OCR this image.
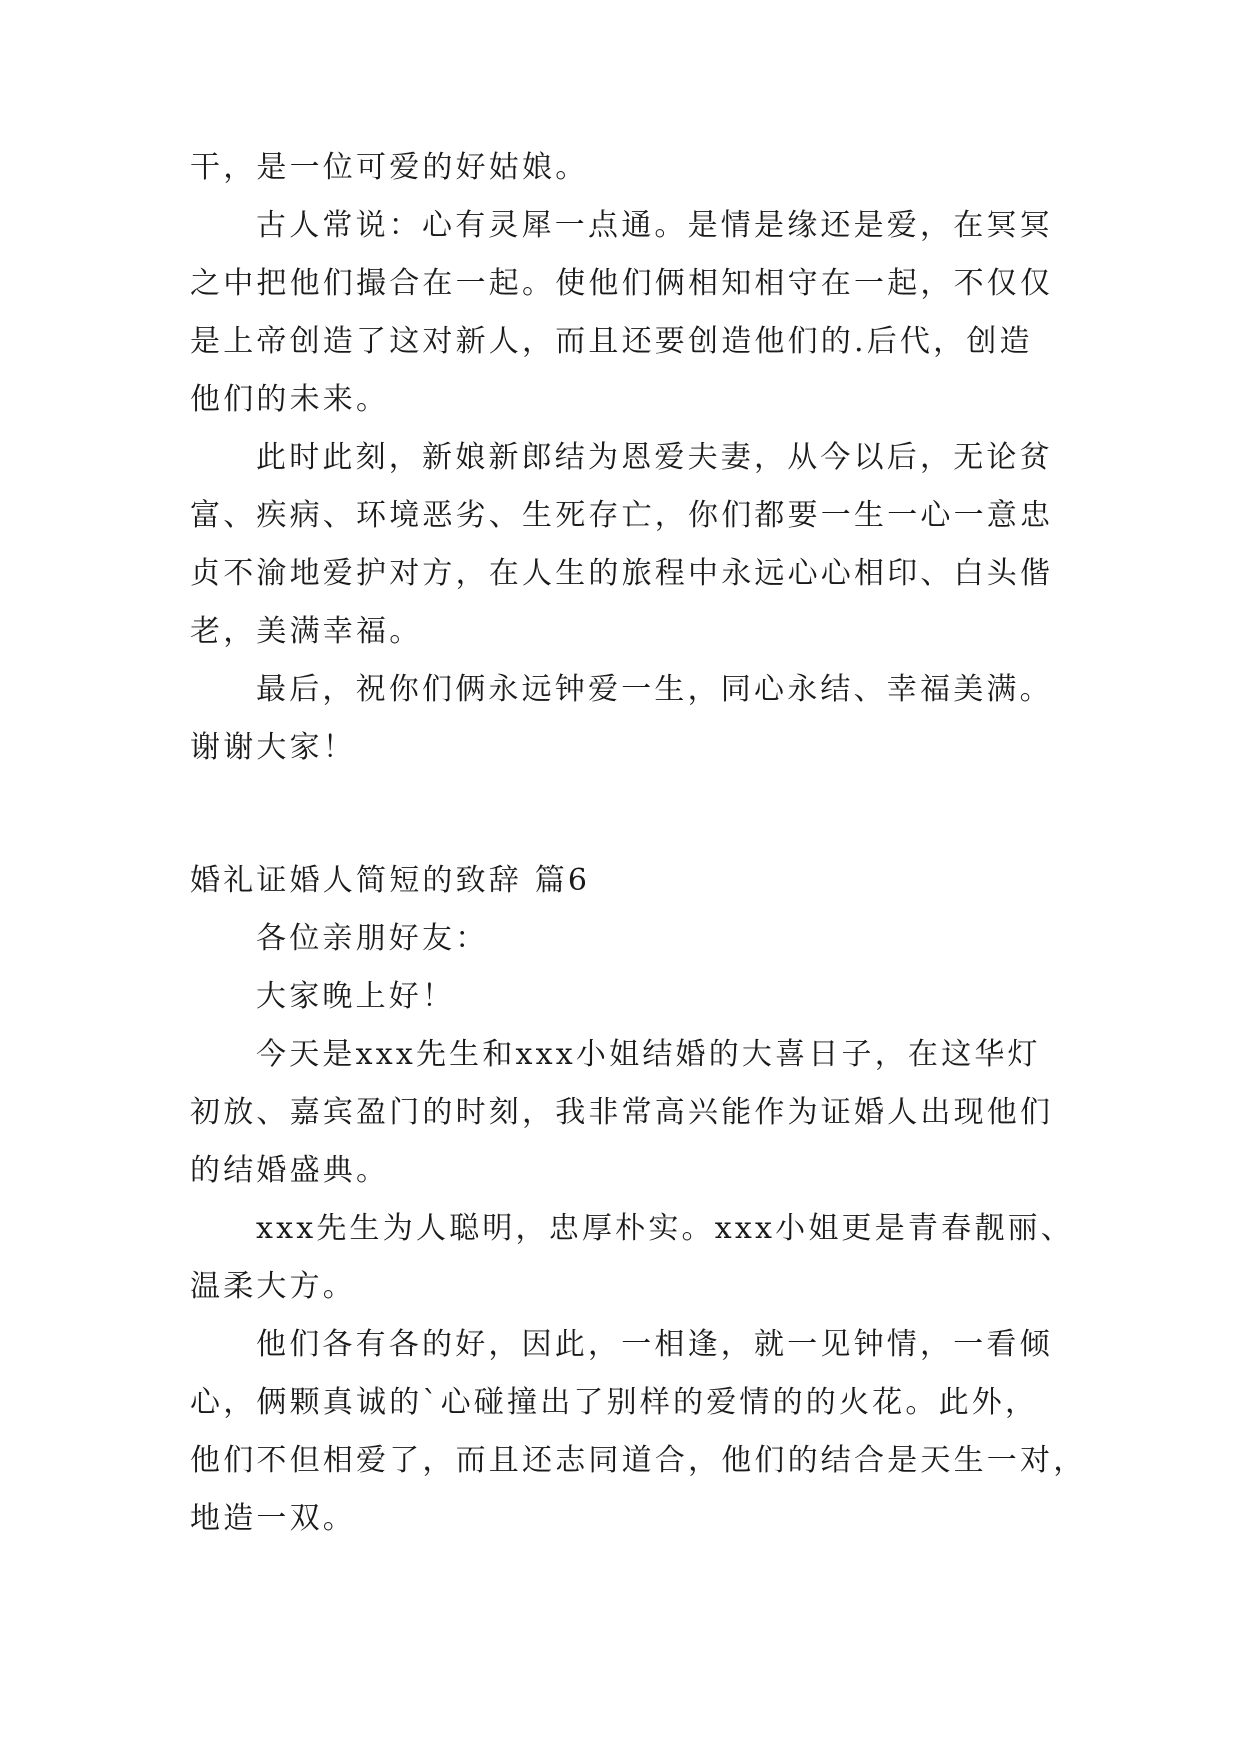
干，是一位可爱的好姑娘。
古人常说：心有灵犀一点通。是情是缘还是爱，在冥冥
之中把他们撮合在一起。使他们俩相知相守在一起，不仅仅
是上帝创造了这对新人，而且还要创造他们的.后代，创造
他们的未来。
此时此刻，新娘新郎结为恩爱夫妻，从今以后，无论贫
富、疾病、环境恶劣、生死存亡，你们都要一生一心一意忠
贞不渝地爱护对方，在人生的旅程中永远心心相印、白头偕
老，美满幸福。
最后，祝你们俩永远钟爱一生，同心永结、幸福美满。
谢谢大家！
婚礼证婚人简短的致辞 篇6
各位亲朋好友：
大家晚上好！
今天是xxx先生和xxx小姐结婚的大喜日子，在这华灯
初放、嘉宾盈门的时刻，我非常高兴能作为证婚人出现他们
的结婚盛典。
xxx先生为人聪明，忠厚朴实。xxx小姐更是青春靓丽、
温柔大方。
他们各有各的好，因此，一相逢，就一见钟情，一看倾
心，俩颗真诚的`心碰撞出了别样的爱情的的火花。此外，
他们不但相爱了，而且还志同道合，他们的结合是天生一对，
地造一双。
